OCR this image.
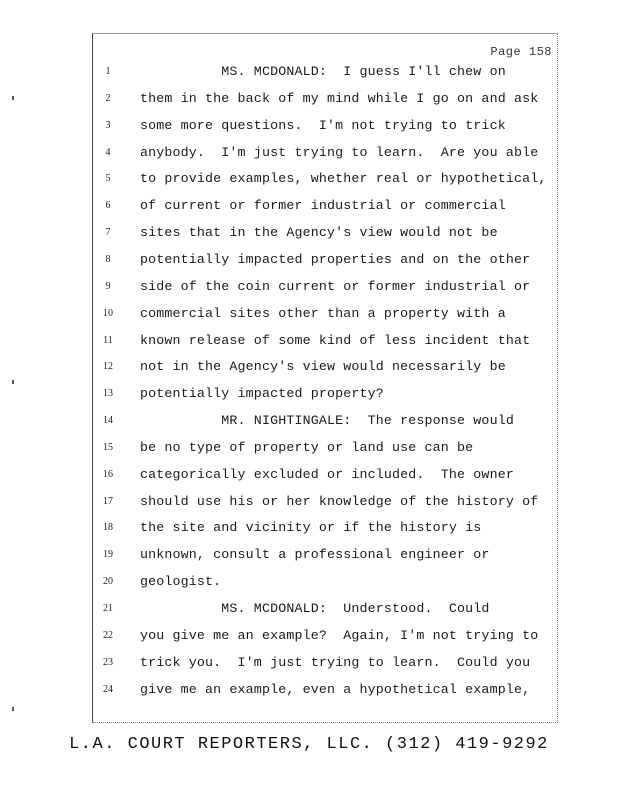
Page 158
1	MS. MCDONALD:  I guess I'll chew on
2	them in the back of my mind while I go on and ask
3	some more questions.  I'm not trying to trick
4	anybody.  I'm just trying to learn.  Are you able
5	to provide examples, whether real or hypothetical,
6	of current or former industrial or commercial
7	sites that in the Agency's view would not be
8	potentially impacted properties and on the other
9	side of the coin current or former industrial or
10	commercial sites other than a property with a
11	known release of some kind of less incident that
12	not in the Agency's view would necessarily be
13	potentially impacted property?
14	MR. NIGHTINGALE:  The response would
15	be no type of property or land use can be
16	categorically excluded or included.  The owner
17	should use his or her knowledge of the history of
18	the site and vicinity or if the history is
19	unknown, consult a professional engineer or
20	geologist.
21	MS. MCDONALD:  Understood.  Could
22	you give me an example?  Again, I'm not trying to
23	trick you.  I'm just trying to learn.  Could you
24	give me an example, even a hypothetical example,
L.A. COURT REPORTERS, LLC. (312) 419-9292
